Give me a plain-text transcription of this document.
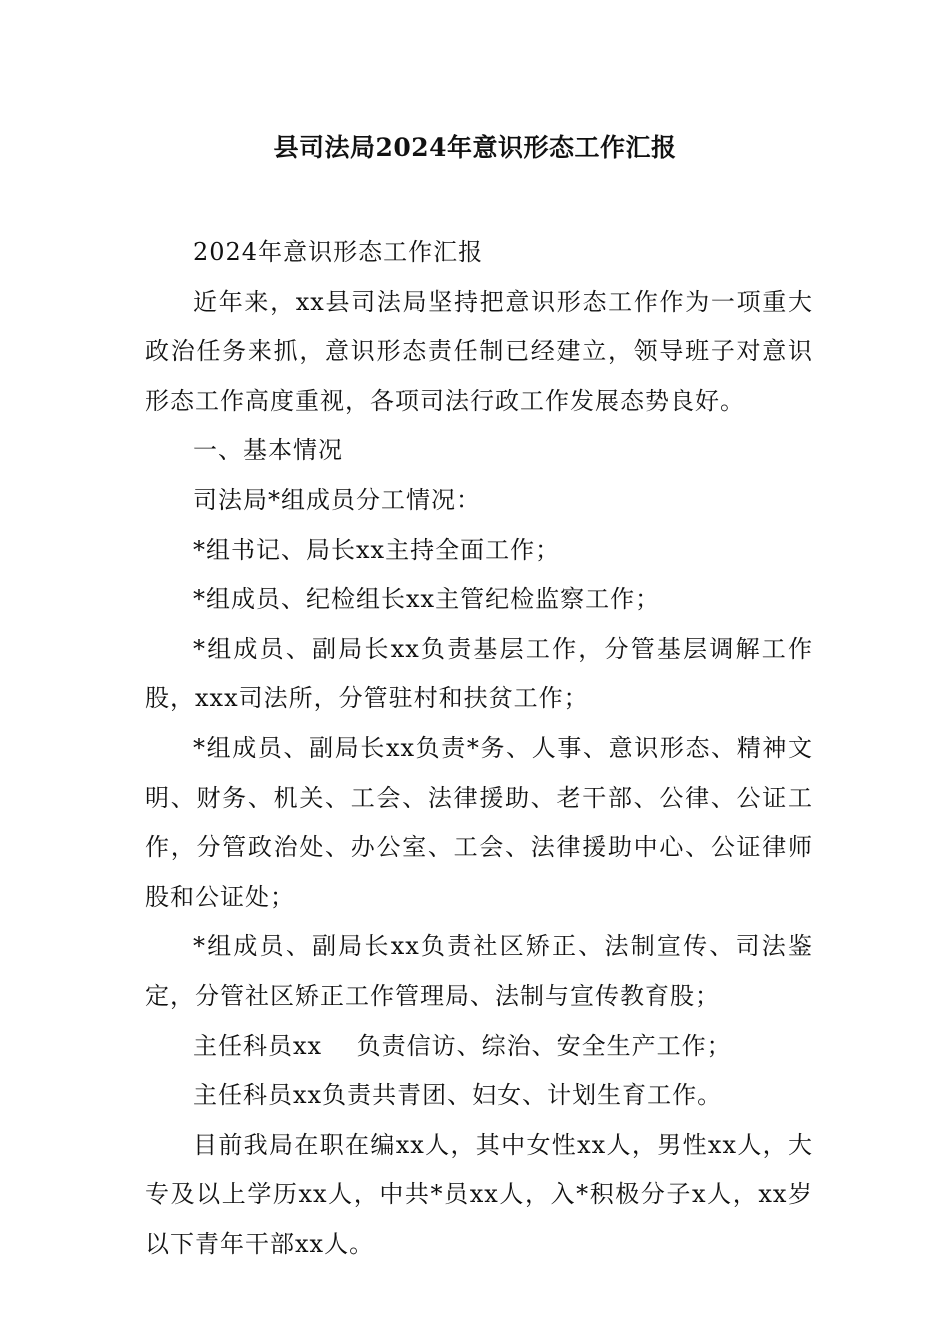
县司法局2024年意识形态工作汇报

2024年意识形态工作汇报

近年来，xx县司法局坚持把意识形态工作作为一项重大政治任务来抓，意识形态责任制已经建立，领导班子对意识形态工作高度重视，各项司法行政工作发展态势良好。

一、基本情况

司法局*组成员分工情况：

*组书记、局长xx主持全面工作；

*组成员、纪检组长xx主管纪检监察工作；

*组成员、副局长xx负责基层工作，分管基层调解工作股，xxx司法所，分管驻村和扶贫工作；

*组成员、副局长xx负责*务、人事、意识形态、精神文明、财务、机关、工会、法律援助、老干部、公律、公证工作，分管政治处、办公室、工会、法律援助中心、公证律师股和公证处；

*组成员、副局长xx负责社区矫正、法制宣传、司法鉴定，分管社区矫正工作管理局、法制与宣传教育股；

主任科员xx    负责信访、综治、安全生产工作；

主任科员xx负责共青团、妇女、计划生育工作。

目前我局在职在编xx人，其中女性xx人，男性xx人，大专及以上学历xx人，中共*员xx人，入*积极分子x人，xx岁以下青年干部xx人。
